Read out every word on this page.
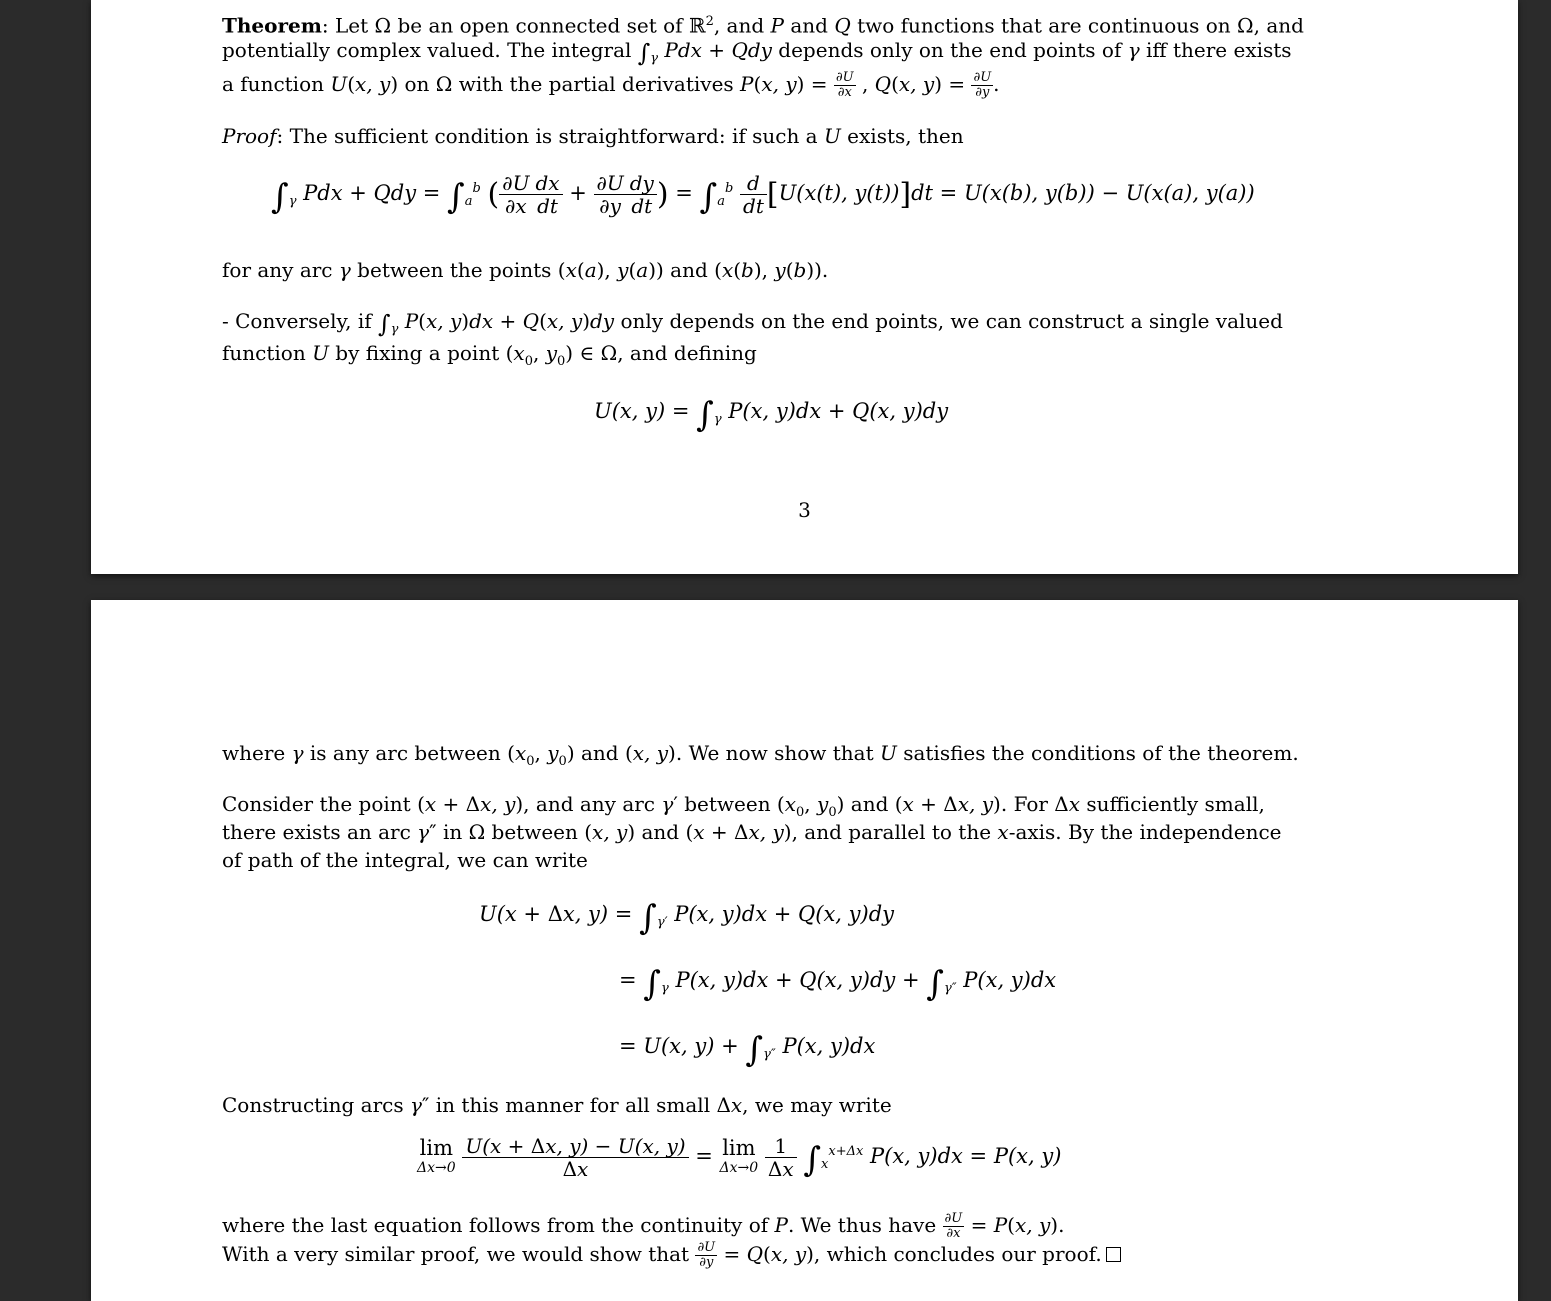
Theorem: Let Ω be an open connected set of ℝ$^2$, and P and Q two functions that are continuous on Ω, and
potentially complex valued. The integral $\int_\gamma$ Pdx + Qdy depends only on the end points of γ iff there exists
a function U(x, y) on Ω with the partial derivatives P(x, $y) = \frac{\partial U}{\partial x}$ , Q(x, $y) = \frac{\partial U}{\partial y}$ .
Proof: The sufficient condition is straightforward: if such a U exists, then
$\int_\gamma$ Pdx + Qdy = $\int_a^b$ ( $\frac{\partial U}{\partial x} \frac{dx}{dt} + \frac{\partial U}{\partial y} \frac{dy}{dt}$ ) = $\int_a^b \frac{d}{dt} [U(x(t)$, y(t))]dt = U(x(b), y(b)) − U(x(a), y(a))
for any arc γ between the points (x(a), y(a)) and (x(b), y(b)).
- Conversely, if $\int_\gamma$ P(x, y)dx + Q(x, y)dy only depends on the end points, we can construct a single valued
function U by fixing a point ($x_0$, $y_0$) ∈ Ω, and defining
U(x, $y) = \int_\gamma$ P(x, y)dx + Q(x, y)dy
3
where γ is any arc between ($x_0$, $y_0$) and (x, y). We now show that U satisfies the conditions of the theorem.
Consider the point (x + Δx, y), and any arc γ′ between ($x_0$, $y_0$) and (x + Δx, y). For Δx sufficiently small,
there exists an arc γ″ in Ω between (x, y) and (x + Δx, y), and parallel to the x-axis. By the independence
of path of the integral, we can write
U(x + Δx, $y) = \int_{\gamma'}$ P(x, y)dx + Q(x, y)dy
= $\int_\gamma$ P(x, y)dx + Q(x, $y)dy + \int_{\gamma''}$ P(x, y)dx
= U(x, $y) + \int_{\gamma''}$ P(x, y)dx
Constructing arcs γ″ in this manner for all small Δx, we may write
lim
Δx→0
$\frac{U(x + \Delta x, y) - U(x, y)}{\Delta x} = \lim$
Δx→0
$\frac{1}{\Delta x} \int_x^{x+\Delta x}$ P(x, y)dx = P(x, y)
where the last equation follows from the continuity of P. We thus have $\frac{\partial U}{\partial x} = P(x$, y).
With a very similar proof, we would show that $\frac{\partial U}{\partial y} = Q(x$, y), which concludes our proof.
